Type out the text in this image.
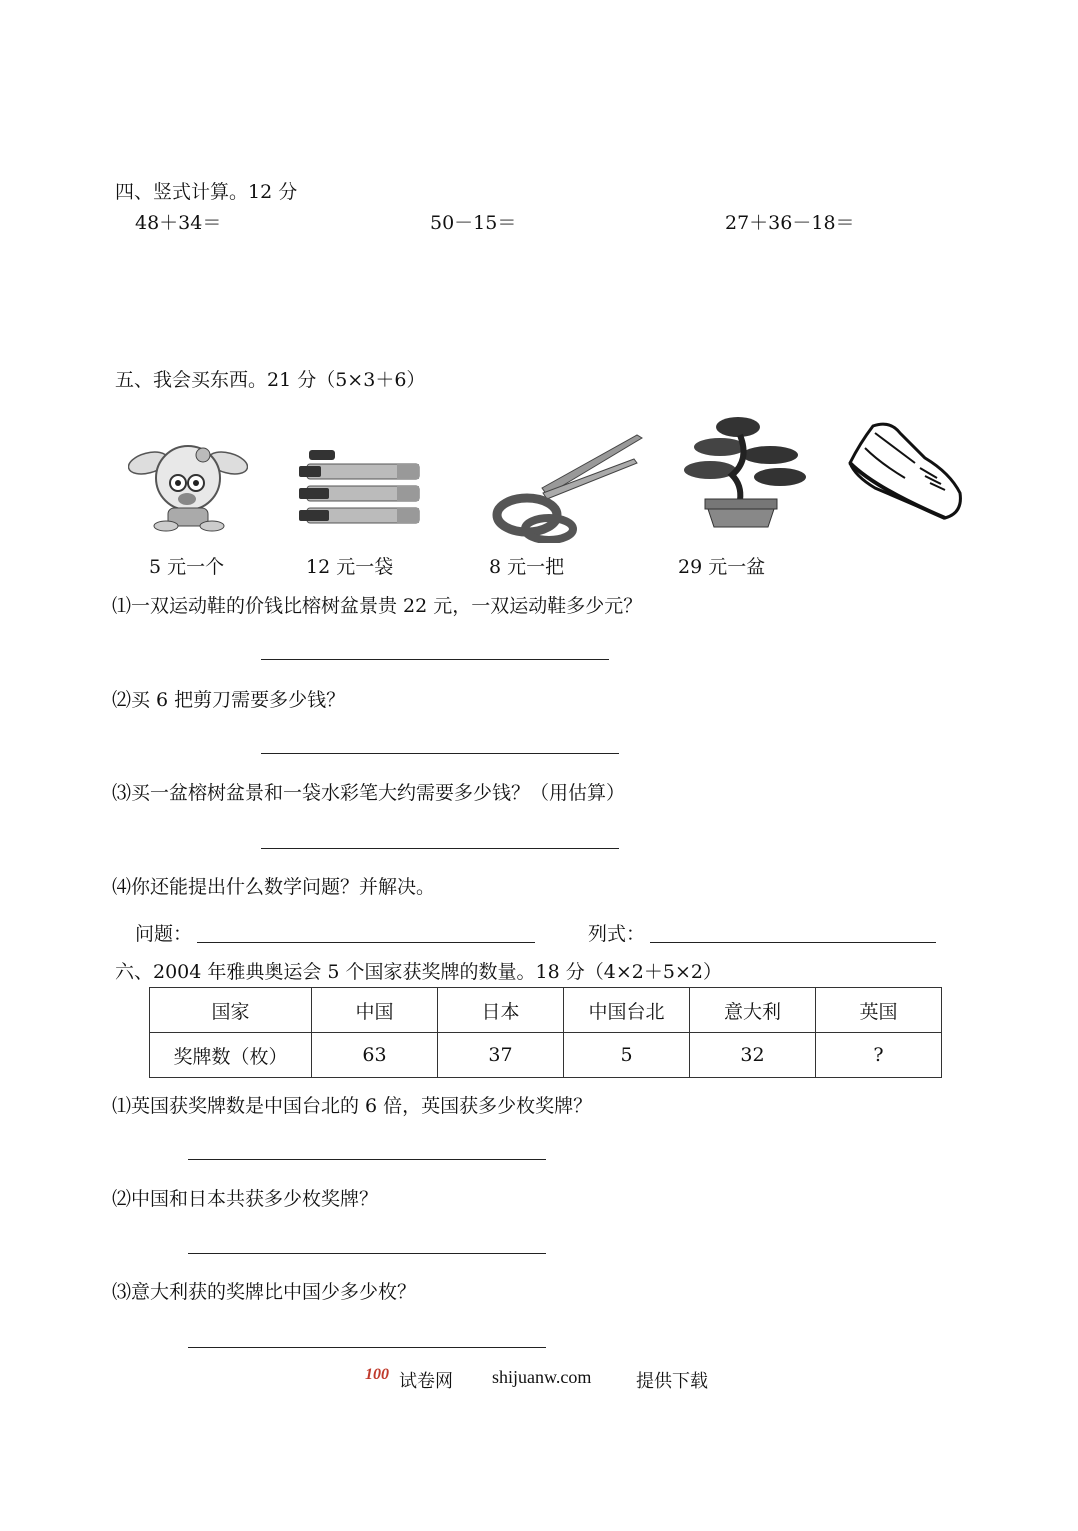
四、竖式计算。12 分
48＋34＝	50－15＝	27＋36－18＝
五、我会买东西。21 分（5×3＋6）
5 元一个	12 元一袋	8 元一把	29 元一盆
⑴一双运动鞋的价钱比榕树盆景贵 22 元，一双运动鞋多少元？
⑵买 6 把剪刀需要多少钱？
⑶买一盆榕树盆景和一袋水彩笔大约需要多少钱？（用估算）
⑷你还能提出什么数学问题？并解决。
问题：	列式：
六、2004 年雅典奥运会 5 个国家获奖牌的数量。18 分（4×2＋5×2）
国家	中国	日本	中国台北	意大利	英国
奖牌数（枚）	63	37	5	32	?
⑴英国获奖牌数是中国台北的 6 倍，英国获多少枚奖牌？
⑵中国和日本共获多少枚奖牌？
⑶意大利获的奖牌比中国少多少枚？
100 试卷网 shijuanw.com 提供下载
